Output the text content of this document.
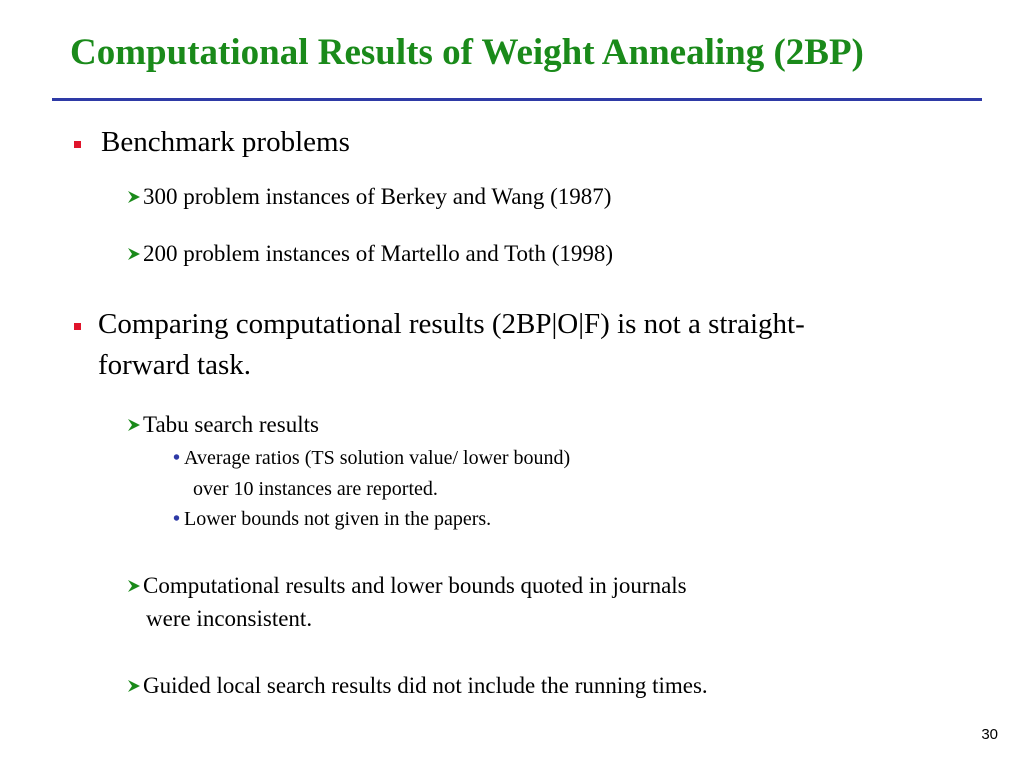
Computational Results of Weight Annealing (2BP)
Benchmark problems
300 problem instances of Berkey and Wang (1987)
200 problem instances of Martello and Toth (1998)
Comparing computational results (2BP|O|F) is not a straight-
forward task.
Tabu search results
• Average ratios (TS solution value/ lower bound)
over 10 instances are reported.
• Lower bounds not given in the papers.
Computational results and lower bounds quoted in journals
were inconsistent.
Guided local search results did not include the running times.
30
